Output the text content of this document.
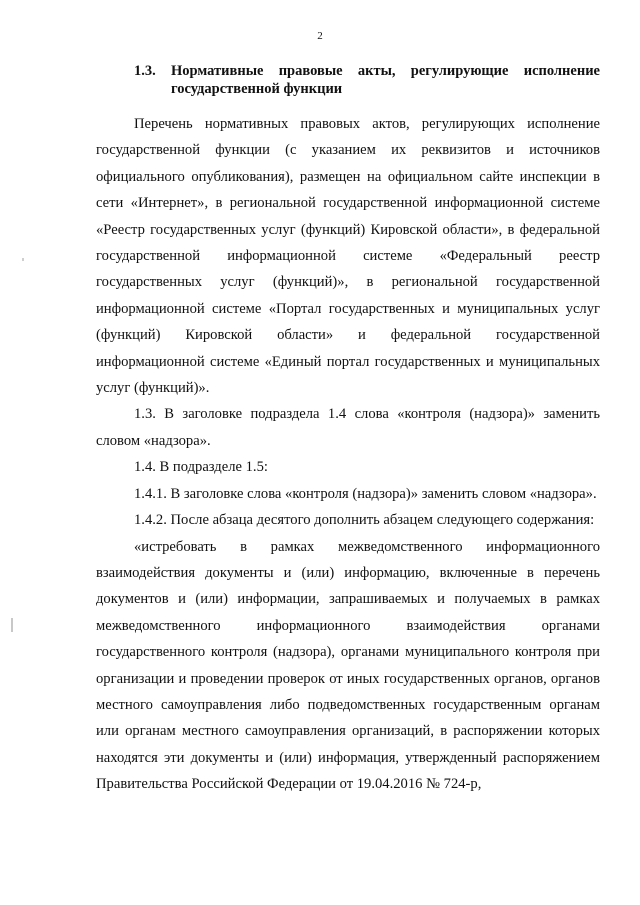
2
1.3. Нормативные правовые акты, регулирующие исполнение государственной функции

Перечень нормативных правовых актов, регулирующих исполнение государственной функции (с указанием их реквизитов и источников официального опубликования), размещен на официальном сайте инспекции в сети «Интернет», в региональной государственной информационной системе «Реестр государственных услуг (функций) Кировской области», в федеральной государственной информационной системе «Федеральный реестр государственных услуг (функций)», в региональной государственной информационной системе «Портал государственных и муниципальных услуг (функций) Кировской области» и федеральной государственной информационной системе «Единый портал государственных и муниципальных услуг (функций)».

1.3. В заголовке подраздела 1.4 слова «контроля (надзора)» заменить словом «надзора».

1.4. В подразделе 1.5:

1.4.1. В заголовке слова «контроля (надзора)» заменить словом «надзора».

1.4.2. После абзаца десятого дополнить абзацем следующего содержания:

«истребовать в рамках межведомственного информационного взаимодействия документы и (или) информацию, включенные в перечень документов и (или) информации, запрашиваемых и получаемых в рамках межведомственного информационного взаимодействия органами государственного контроля (надзора), органами муниципального контроля при организации и проведении проверок от иных государственных органов, органов местного самоуправления либо подведомственных государственным органам или органам местного самоуправления организаций, в распоряжении которых находятся эти документы и (или) информация, утвержденный распоряжением Правительства Российской Федерации от 19.04.2016 № 724-р,
